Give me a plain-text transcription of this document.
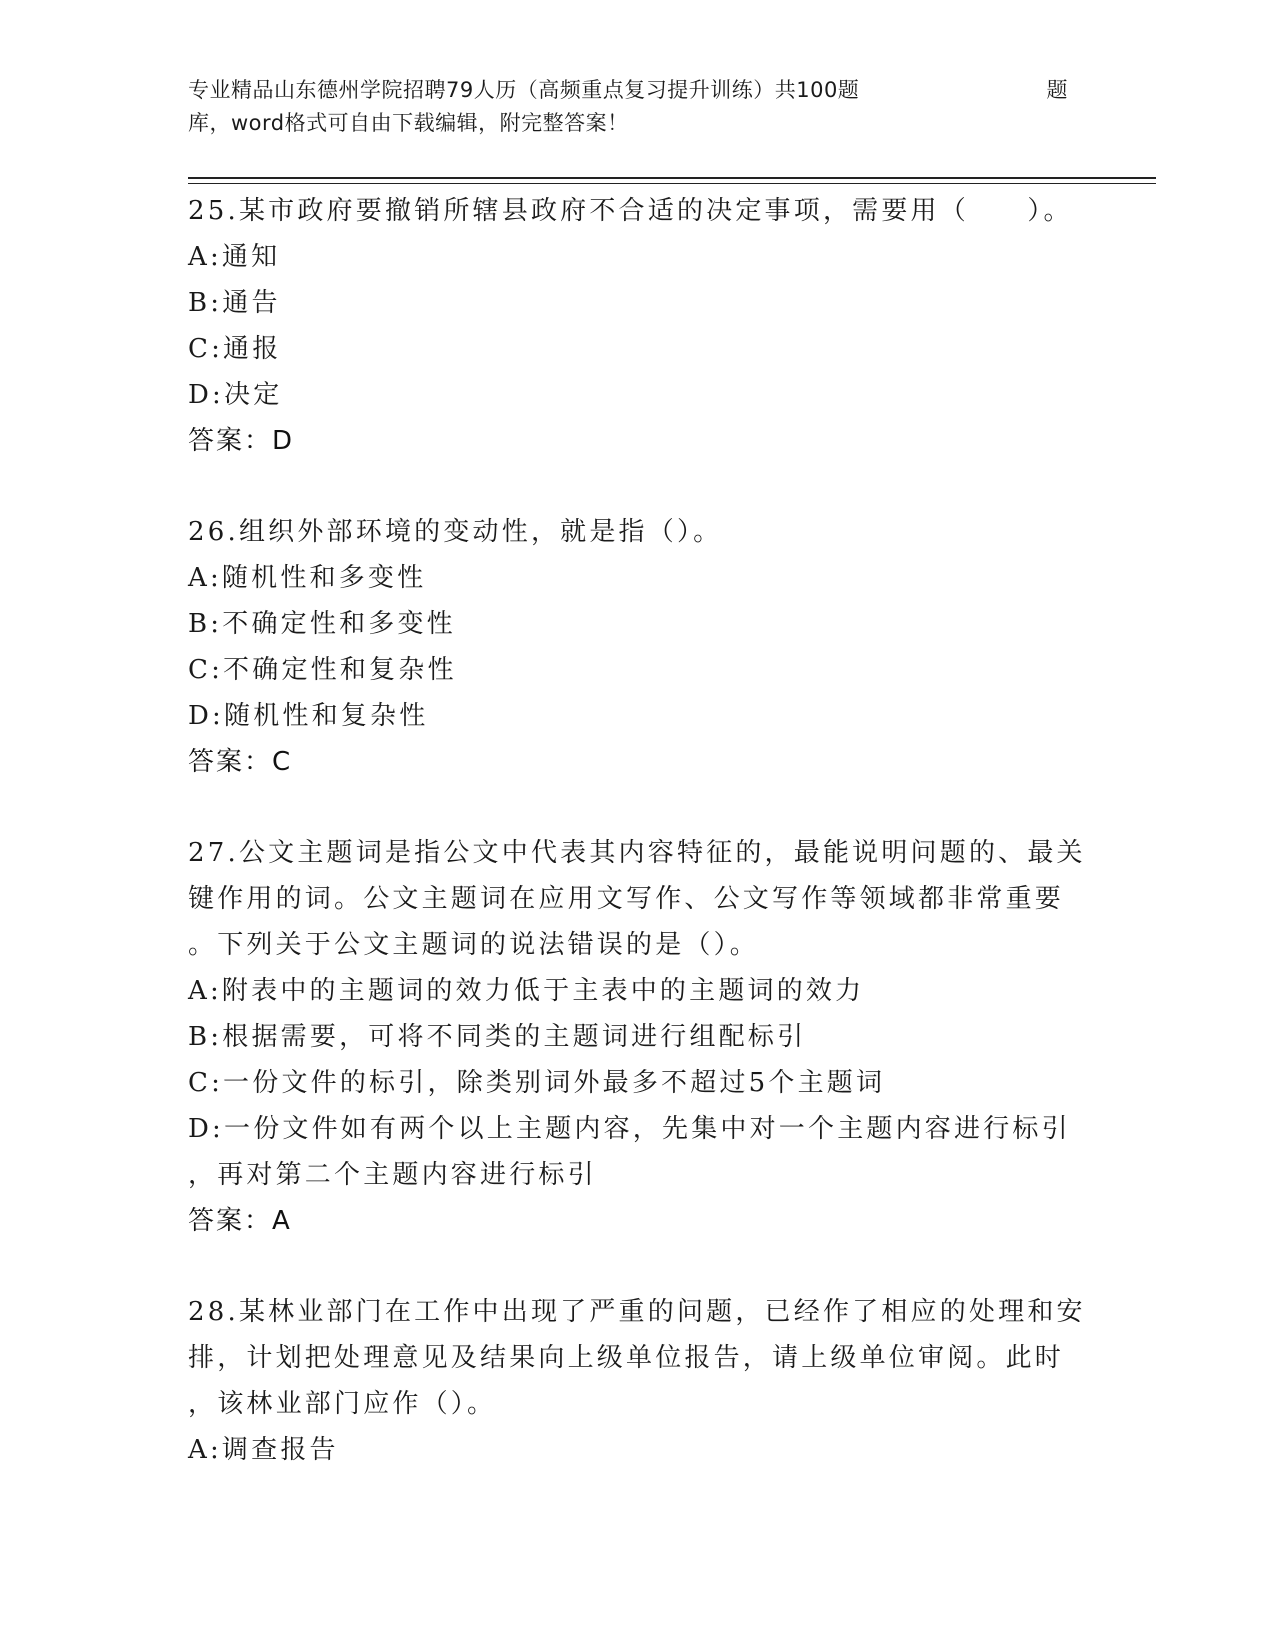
专业精品山东德州学院招聘79人历（高频重点复习提升训练）共100题	题
库，word格式可自由下载编辑，附完整答案！
25.某市政府要撤销所辖县政府不合适的决定事项，需要用（　　）。
A:通知
B:通告
C:通报
D:决定
答案：D
26.组织外部环境的变动性，就是指（）。
A:随机性和多变性
B:不确定性和多变性
C:不确定性和复杂性
D:随机性和复杂性
答案：C
27.公文主题词是指公文中代表其内容特征的，最能说明问题的、最关
键作用的词。公文主题词在应用文写作、公文写作等领域都非常重要
。下列关于公文主题词的说法错误的是（）。
A:附表中的主题词的效力低于主表中的主题词的效力
B:根据需要，可将不同类的主题词进行组配标引
C:一份文件的标引，除类别词外最多不超过5个主题词
D:一份文件如有两个以上主题内容，先集中对一个主题内容进行标引
，再对第二个主题内容进行标引
答案：A
28.某林业部门在工作中出现了严重的问题，已经作了相应的处理和安
排，计划把处理意见及结果向上级单位报告，请上级单位审阅。此时
，该林业部门应作（）。
A:调查报告
